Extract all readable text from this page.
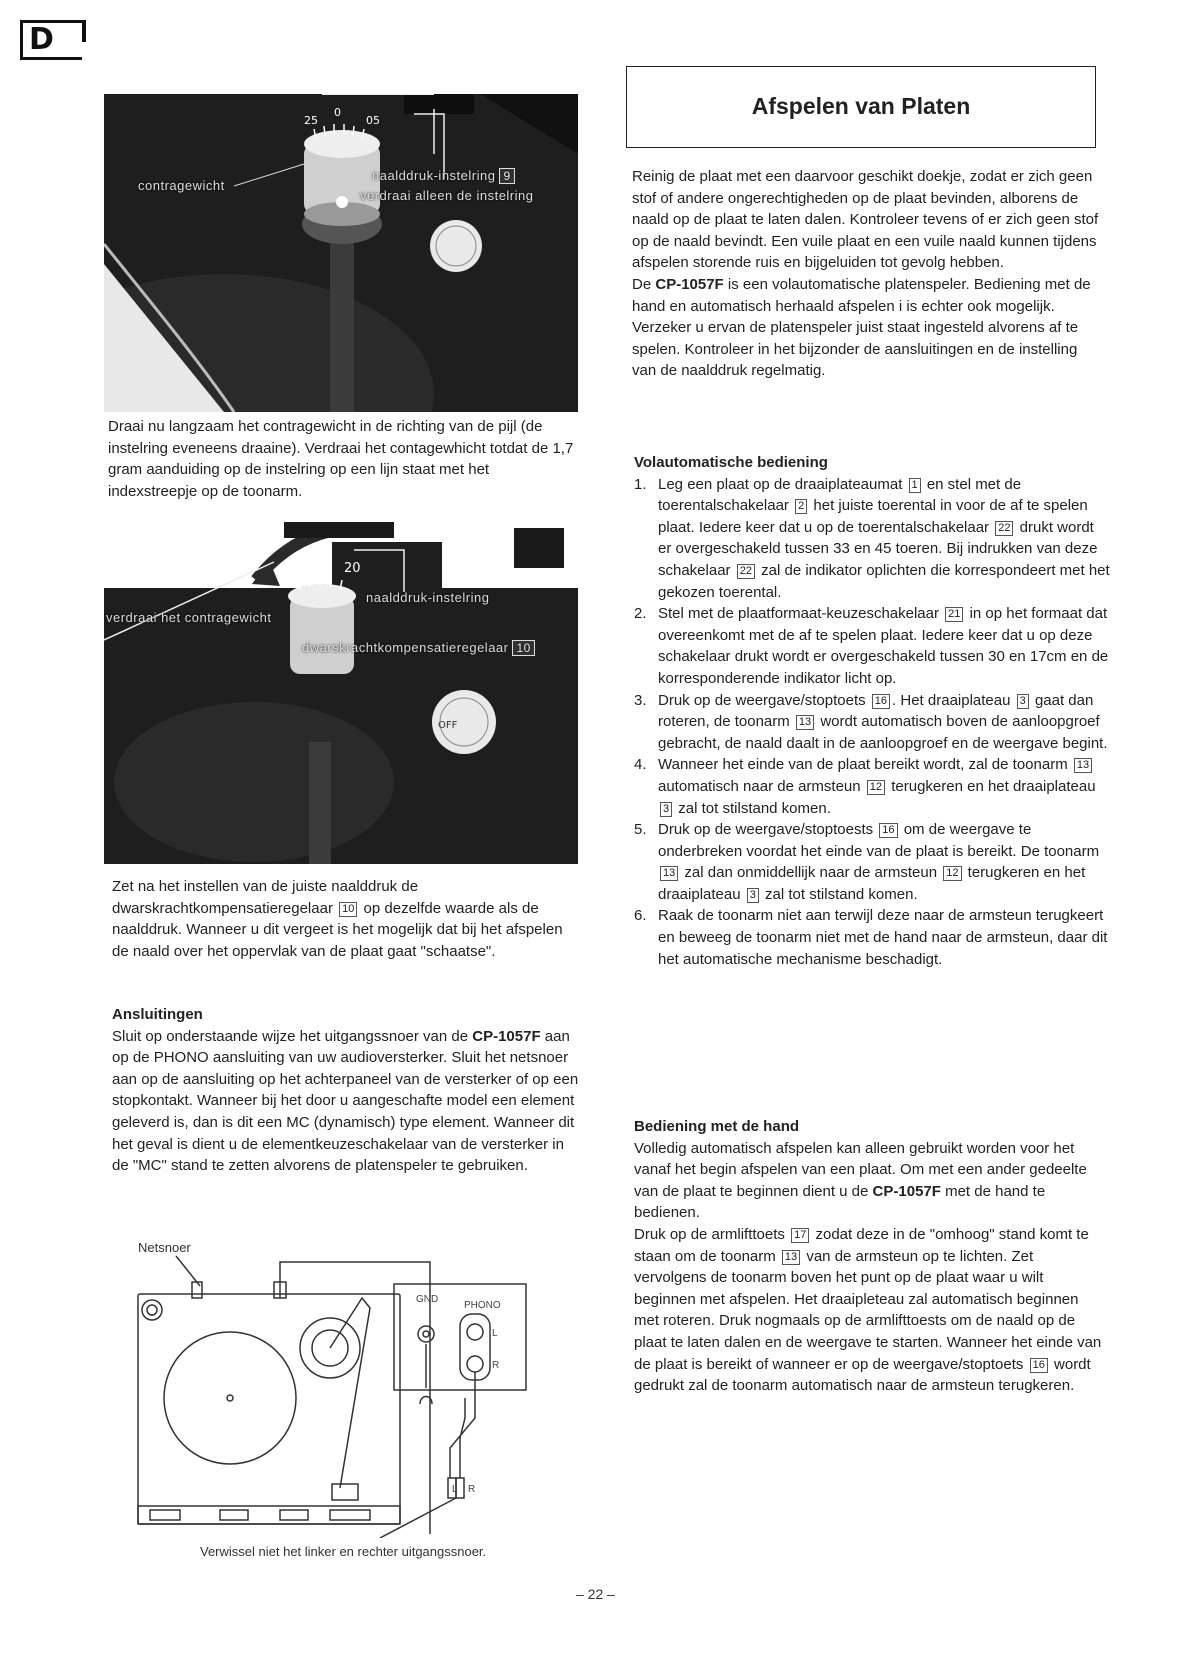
D
25
0
05
contragewicht
naalddruk-instelring 9
verdraai alleen de instelring
Draai nu langzaam het contragewicht in de richting van de pijl (de instelring eveneens draaine). Verdraai het contagewhicht totdat de 1,7 gram aanduiding op de instelring op een lijn staat met het indexstreepje op de toonarm.
15 20
OFF
verdraai het contragewicht
naalddruk-instelring
dwarskrachtkompensatieregelaar 10
Zet na het instellen van de juiste naalddruk de dwarskrachtkompensatieregelaar 10 op dezelfde waarde als de naalddruk. Wanneer u dit vergeet is het mogelijk dat bij het afspelen de naald over het oppervlak van de plaat gaat "schaatse".
Ansluitingen

Sluit op onderstaande wijze het uitgangssnoer van de CP-1057F aan op de PHONO aansluiting van uw audioversterker. Sluit het netsnoer aan op de aansluiting op het achterpaneel van de versterker of op een stopkontakt. Wanneer bij het door u aangeschafte model een element geleverd is, dan is dit een MC (dynamisch) type element. Wanneer dit het geval is dient u de elementkeuzeschakelaar van de versterker in de "MC" stand te zetten alvorens de platenspeler te gebruiken.

Netsnoer
GND
PHONO
L
R
L R
Verwissel niet het linker en rechter uitgangssnoer.
Afspelen van Platen
Reinig de plaat met een daarvoor geschikt doekje, zodat er zich geen stof of andere ongerechtigheden op de plaat bevinden, alborens de naald op de plaat te laten dalen. Kontroleer tevens of er zich geen stof op de naald bevindt. Een vuile plaat en een vuile naald kunnen tijdens afspelen storende ruis en bijgeluiden tot gevolg hebben.
De CP-1057F is een volautomatische platenspeler. Bediening met de hand en automatisch herhaald afspelen i is echter ook mogelijk. Verzeker u ervan de platenspeler juist staat ingesteld alvorens af te spelen. Kontroleer in het bijzonder de aansluitingen en de instelling van de naalddruk regelmatig.
Volautomatische bediening
1. Leg een plaat op de draaiplateaumat 1 en stel met de toerentalschakelaar 2 het juiste toerental in voor de af te spelen plaat. Iedere keer dat u op de toerentalschakelaar 22 drukt wordt er overgeschakeld tussen 33 en 45 toeren. Bij indrukken van deze schakelaar 22 zal de indikator oplichten die korrespondeert met het gekozen toerental.
2. Stel met de plaatformaat-keuzeschakelaar 21 in op het formaat dat overeenkomt met de af te spelen plaat. Iedere keer dat u op deze schakelaar drukt wordt er overgeschakeld tussen 30 en 17cm en de korresponderende indikator licht op.
3. Druk op de weergave/stoptoets 16 . Het draaiplateau 3 gaat dan roteren, de toonarm 13 wordt automatisch boven de aanloopgroef gebracht, de naald daalt in de aanloopgroef en de weergave begint.
4. Wanneer het einde van de plaat bereikt wordt, zal de toonarm 13 automatisch naar de armsteun 12 terugkeren en het draaiplateau 3 zal tot stilstand komen.
5. Druk op de weergave/stoptoests 16 om de weergave te onderbreken voordat het einde van de plaat is bereikt. De toonarm 13 zal dan onmiddellijk naar de armsteun 12 terugkeren en het draaiplateau 3 zal tot stilstand komen.
6. Raak de toonarm niet aan terwijl deze naar de armsteun terugkeert en beweeg de toonarm niet met de hand naar de armsteun, daar dit het automatische mechanisme beschadigt.
Bediening met de hand

Volledig automatisch afspelen kan alleen gebruikt worden voor het vanaf het begin afspelen van een plaat. Om met een ander gedeelte van de plaat te beginnen dient u de CP-1057F met de hand te bedienen.
Druk op de armlifttoets 17 zodat deze in de "omhoog" stand komt te staan om de toonarm 13 van de armsteun op te lichten. Zet vervolgens de toonarm boven het punt op de plaat waar u wilt beginnen met afspelen. Het draaipleteau zal automatisch beginnen met roteren. Druk nogmaals op de armlifttoests om de naald op de plaat te laten dalen en de weergave te starten. Wanneer het einde van de plaat is bereikt of wanneer er op de weergave/stoptoets 16 wordt gedrukt zal de toonarm automatisch naar de armsteun terugkeren.

– 22 –
